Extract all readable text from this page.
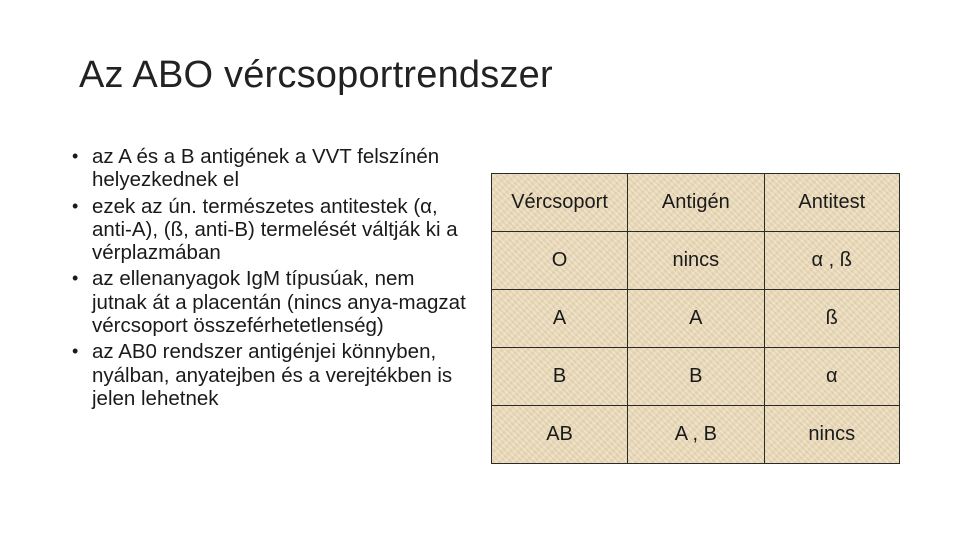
Az ABO vércsoportrendszer
• az A és a B antigének a VVT felszínén helyezkednek el
• ezek az ún. természetes antitestek (α, anti-A), (ß, anti-B) termelését váltják ki a vérplazmában
• az ellenanyagok IgM típusúak, nem jutnak át a placentán (nincs anya-magzat vércsoport összeférhetetlenség)
• az AB0 rendszer antigénjei könnyben, nyálban, anyatejben és a verejtékben is jelen lehetnek
Vércsoport	Antigén	Antitest
O	nincs	α , ß
A	A	ß
B	B	α
AB	A , B	nincs
